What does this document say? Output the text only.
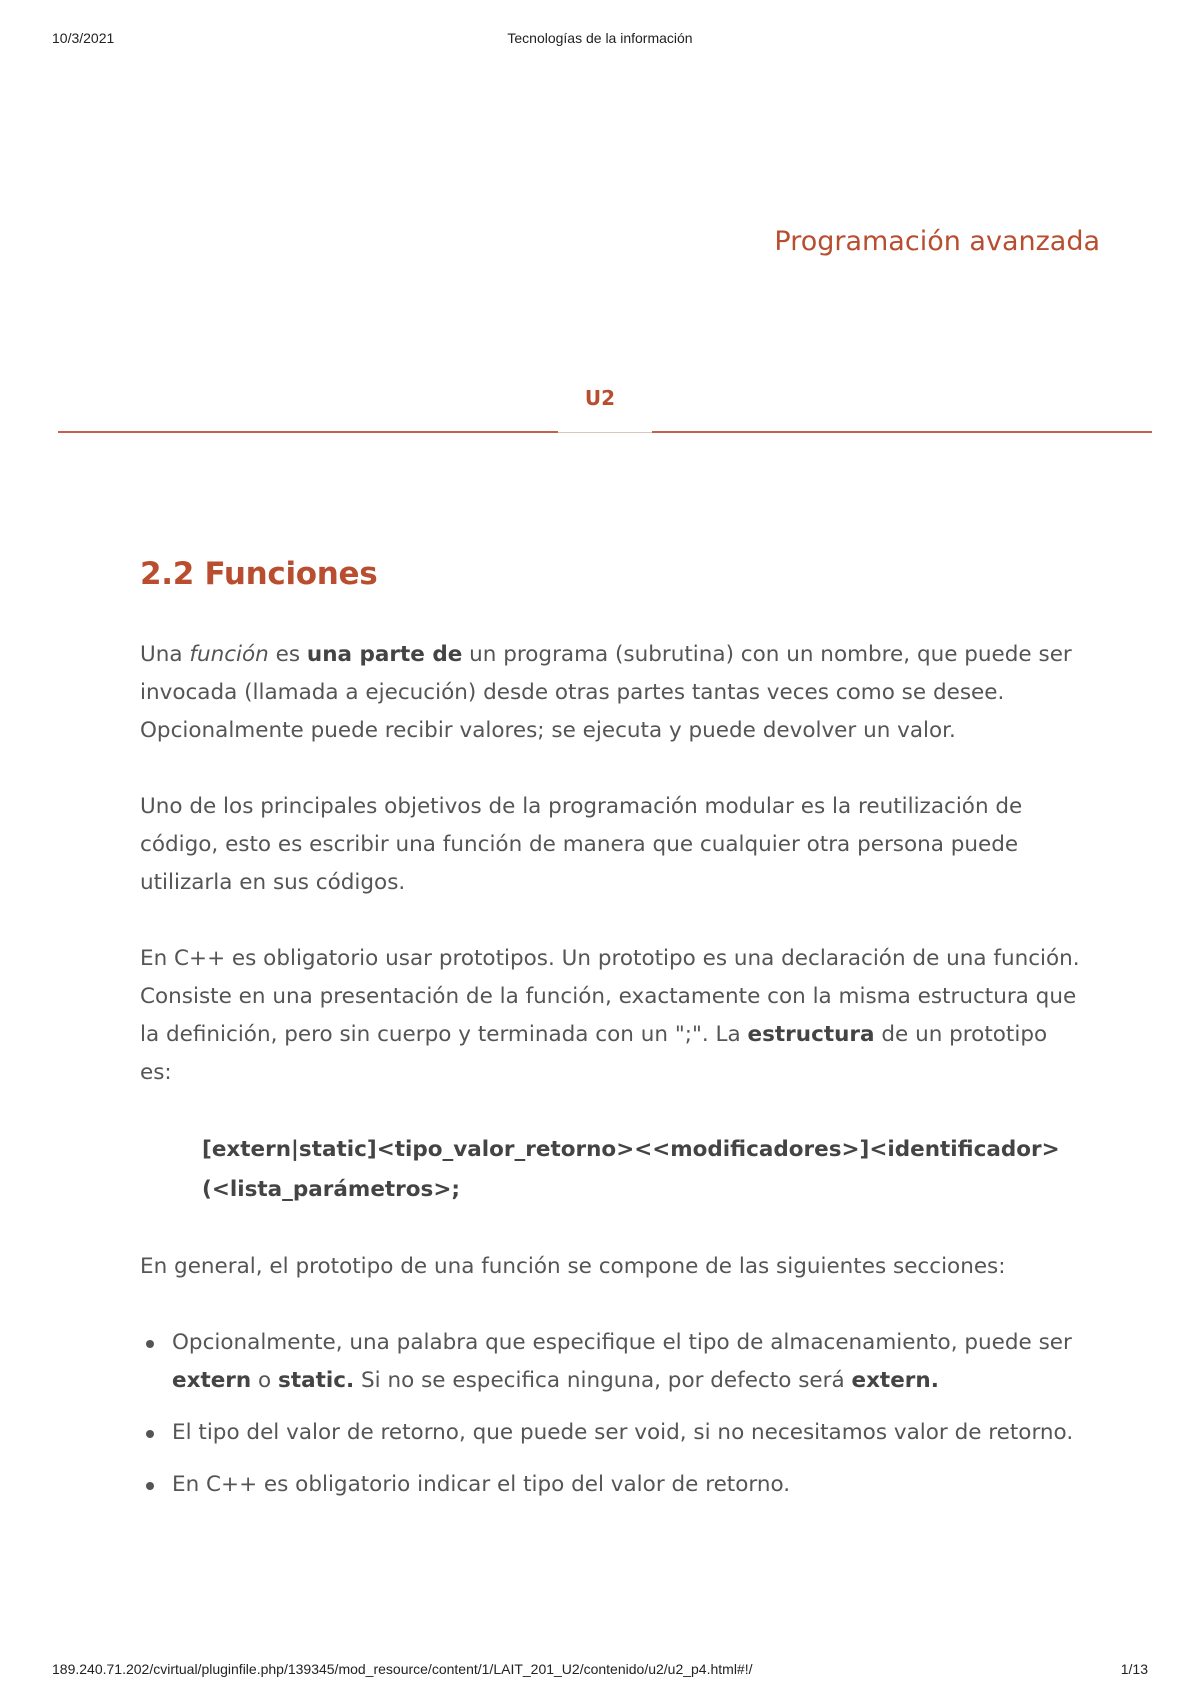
10/3/2021	Tecnologías de la información
Programación avanzada
U2
2.2 Funciones

Una función es una parte de un programa (subrutina) con un nombre, que puede ser invocada (llamada a ejecución) desde otras partes tantas veces como se desee. Opcionalmente puede recibir valores; se ejecuta y puede devolver un valor.

Uno de los principales objetivos de la programación modular es la reutilización de código, esto es escribir una función de manera que cualquier otra persona puede utilizarla en sus códigos.

En C++ es obligatorio usar prototipos. Un prototipo es una declaración de una función. Consiste en una presentación de la función, exactamente con la misma estructura que la definición, pero sin cuerpo y terminada con un ";". La estructura de un prototipo es:

[extern|static]<tipo_valor_retorno><<modificadores>]<identificador>
(<lista_parámetros>;

En general, el prototipo de una función se compone de las siguientes secciones:

Opcionalmente, una palabra que especifique el tipo de almacenamiento, puede ser extern o static. Si no se especifica ninguna, por defecto será extern.
El tipo del valor de retorno, que puede ser void, si no necesitamos valor de retorno.
En C++ es obligatorio indicar el tipo del valor de retorno.
189.240.71.202/cvirtual/pluginfile.php/139345/mod_resource/content/1/LAIT_201_U2/contenido/u2/u2_p4.html#!/	1/13
